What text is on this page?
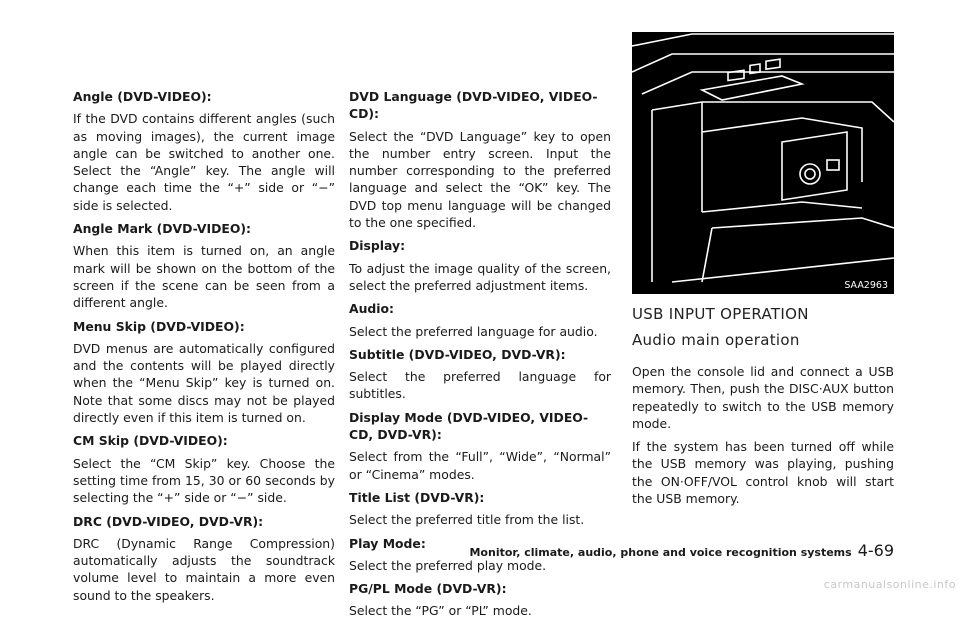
Angle (DVD-VIDEO):
If the DVD contains different angles (such as moving images), the current image angle can be switched to another one. Select the “Angle” key. The angle will change each time the “+” side or “−” side is selected.
Angle Mark (DVD-VIDEO):
When this item is turned on, an angle mark will be shown on the bottom of the screen if the scene can be seen from a different angle.
Menu Skip (DVD-VIDEO):
DVD menus are automatically configured and the contents will be played directly when the “Menu Skip” key is turned on. Note that some discs may not be played directly even if this item is turned on.
CM Skip (DVD-VIDEO):
Select the “CM Skip” key. Choose the setting time from 15, 30 or 60 seconds by selecting the “+” side or “−” side.
DRC (DVD-VIDEO, DVD-VR):
DRC (Dynamic Range Compression) automatically adjusts the soundtrack volume level to maintain a more even sound to the speakers.
DVD Language (DVD-VIDEO, VIDEO-CD):
Select the “DVD Language” key to open the number entry screen. Input the number corresponding to the preferred language and select the “OK” key. The DVD top menu language will be changed to the one specified.
Display:
To adjust the image quality of the screen, select the preferred adjustment items.
Audio:
Select the preferred language for audio.
Subtitle (DVD-VIDEO, DVD-VR):
Select the preferred language for subtitles.
Display Mode (DVD-VIDEO, VIDEO-CD, DVD-VR):
Select from the “Full”, “Wide”, “Normal” or “Cinema” modes.
Title List (DVD-VR):
Select the preferred title from the list.
Play Mode:
Select the preferred play mode.
PG/PL Mode (DVD-VR):
Select the “PG” or “PL” mode.
SAA2963
USB INPUT OPERATION
Audio main operation
Open the console lid and connect a USB memory. Then, push the DISC·AUX button repeatedly to switch to the USB memory mode.
If the system has been turned off while the USB memory was playing, pushing the ON·OFF/VOL control knob will start the USB memory.
Monitor, climate, audio, phone and voice recognition systems 4-69
carmanualsonline.info
